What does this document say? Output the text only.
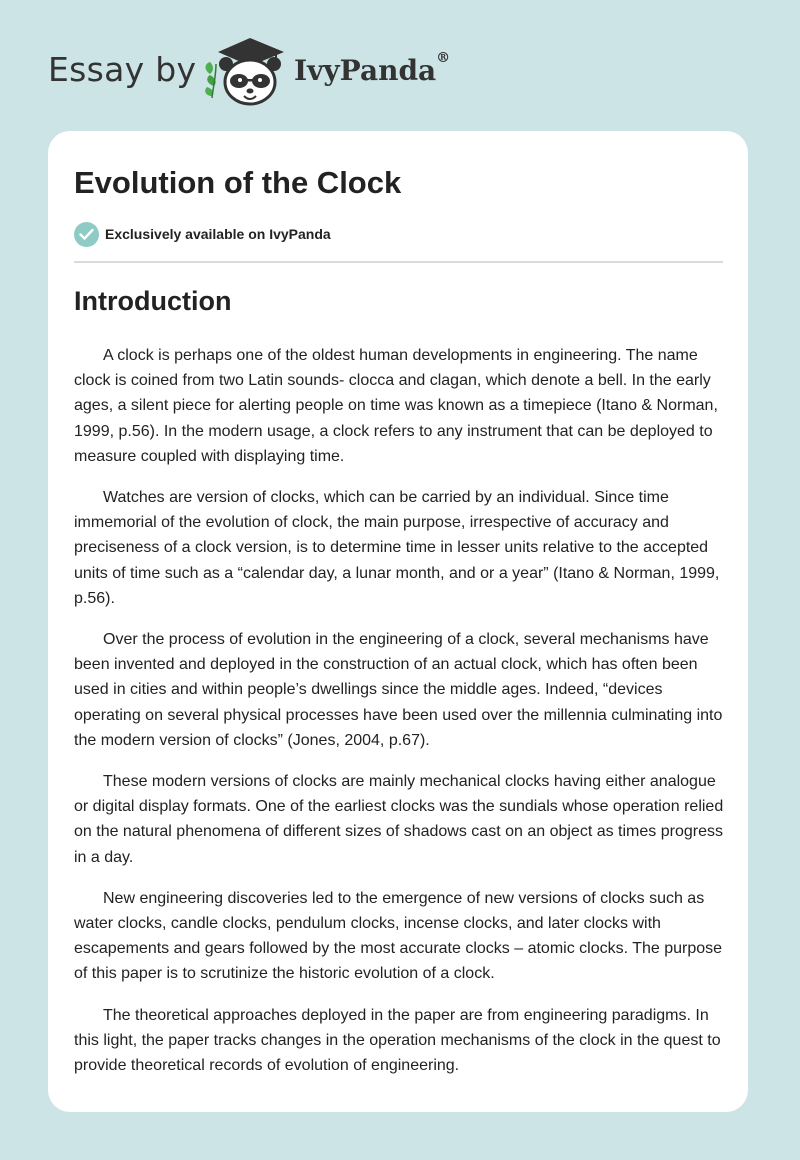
Essay by	IvyPanda®
Evolution of the Clock
Exclusively available on IvyPanda
Introduction

A clock is perhaps one of the oldest human developments in engineering. The name clock is coined from two Latin sounds- clocca and clagan, which denote a bell. In the early ages, a silent piece for alerting people on time was known as a timepiece (Itano & Norman, 1999, p.56). In the modern usage, a clock refers to any instrument that can be deployed to measure coupled with displaying time.

Watches are version of clocks, which can be carried by an individual. Since time immemorial of the evolution of clock, the main purpose, irrespective of accuracy and preciseness of a clock version, is to determine time in lesser units relative to the accepted units of time such as a “calendar day, a lunar month, and or a year” (Itano & Norman, 1999, p.56).

Over the process of evolution in the engineering of a clock, several mechanisms have been invented and deployed in the construction of an actual clock, which has often been used in cities and within people’s dwellings since the middle ages. Indeed, “devices operating on several physical processes have been used over the millennia culminating into the modern version of clocks” (Jones, 2004, p.67).

These modern versions of clocks are mainly mechanical clocks having either analogue or digital display formats. One of the earliest clocks was the sundials whose operation relied on the natural phenomena of different sizes of shadows cast on an object as times progress in a day.

New engineering discoveries led to the emergence of new versions of clocks such as water clocks, candle clocks, pendulum clocks, incense clocks, and later clocks with escapements and gears followed by the most accurate clocks – atomic clocks. The purpose of this paper is to scrutinize the historic evolution of a clock.

The theoretical approaches deployed in the paper are from engineering paradigms. In this light, the paper tracks changes in the operation mechanisms of the clock in the quest to provide theoretical records of evolution of engineering.
